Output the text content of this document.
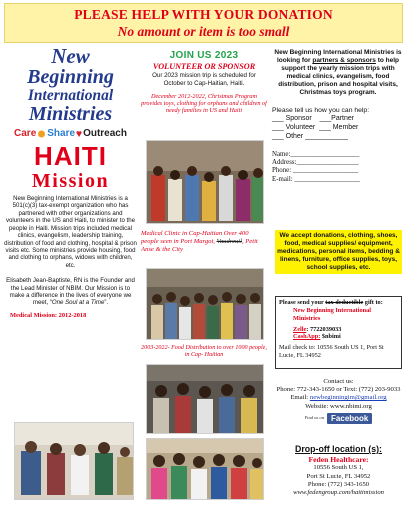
PLEASE HELP WITH YOUR DONATION
No amount or item is too small
New
Beginning
International
Ministries
Care Share Outreach
HAITI
Mission
New Beginning International Ministries is a 501(c)(3) tax-exempt organization who has partnered with other organizations and volunteers in the US and Haiti, to minister to the people in Haiti. Mission trips included medical clinics, evangelism, leadership training, distribution of food and clothing, hospital & prison visits etc. Some ministries provide housing, food and clothing to orphans, widows with children, etc.
Elisabeth Jean-Baptiste, RN is the Founder and the Lead Minister of NBIM. Our Mission is to make a difference in the lives of everyone we meet, “One Soul at a Time”.
Medical Mission: 2012-2018
JOIN US 2023
VOLUNTEER OR SPONSOR
Our 2023 mission trip is scheduled for October to Cap-Haitian, Haiti.
December 2012-2022, Christmas Program provides toys, clothing for orphans and children of needy families in US and Haiti
Medical Clinic in Cap-Haitian Over 400 people seen in Port Margot, Vaudreuil, Petit Anse & the City
2003-2022- Food Distribution to over 1000 people, in Cap- Haitian
New Beginning International Ministries is looking for partners & sponsors to help support the yearly mission trips with medical clinics, evangelism, food distribution, prison and hospital visits, Christmas toys program.
Please tell us how you can help:
___ Sponsor ___Partner
___ Volunteer ___ Member
___ Other ___________
Name:____________________
Address:__________________
Phone: ___________________
E-mail: ___________________
We accept donations, clothing, shoes, food, medical supplies/ equipment, medications, personal items, bedding & linens, furniture, office supplies, toys, school supplies, etc.
Please send your tax deductible gift to:
New Beginning International Ministries
Zelle: 7722039033
CashApp: $nbimi
Mail check to: 10556 South US 1, Port St Lucie, FL 34952
Contact us:
Phone: 772-343-1650 or Text: (772) 203-9033
Email: newbeginningim@gmail.org
Website: www.nbimi.org
Find us on Facebook
Drop-off location (s):
Feden Healthcare:
10556 South US 1,
Port St Lucie, FL 34952
Phone: (772) 343-1650
www.fedengroup.com/haitimission
